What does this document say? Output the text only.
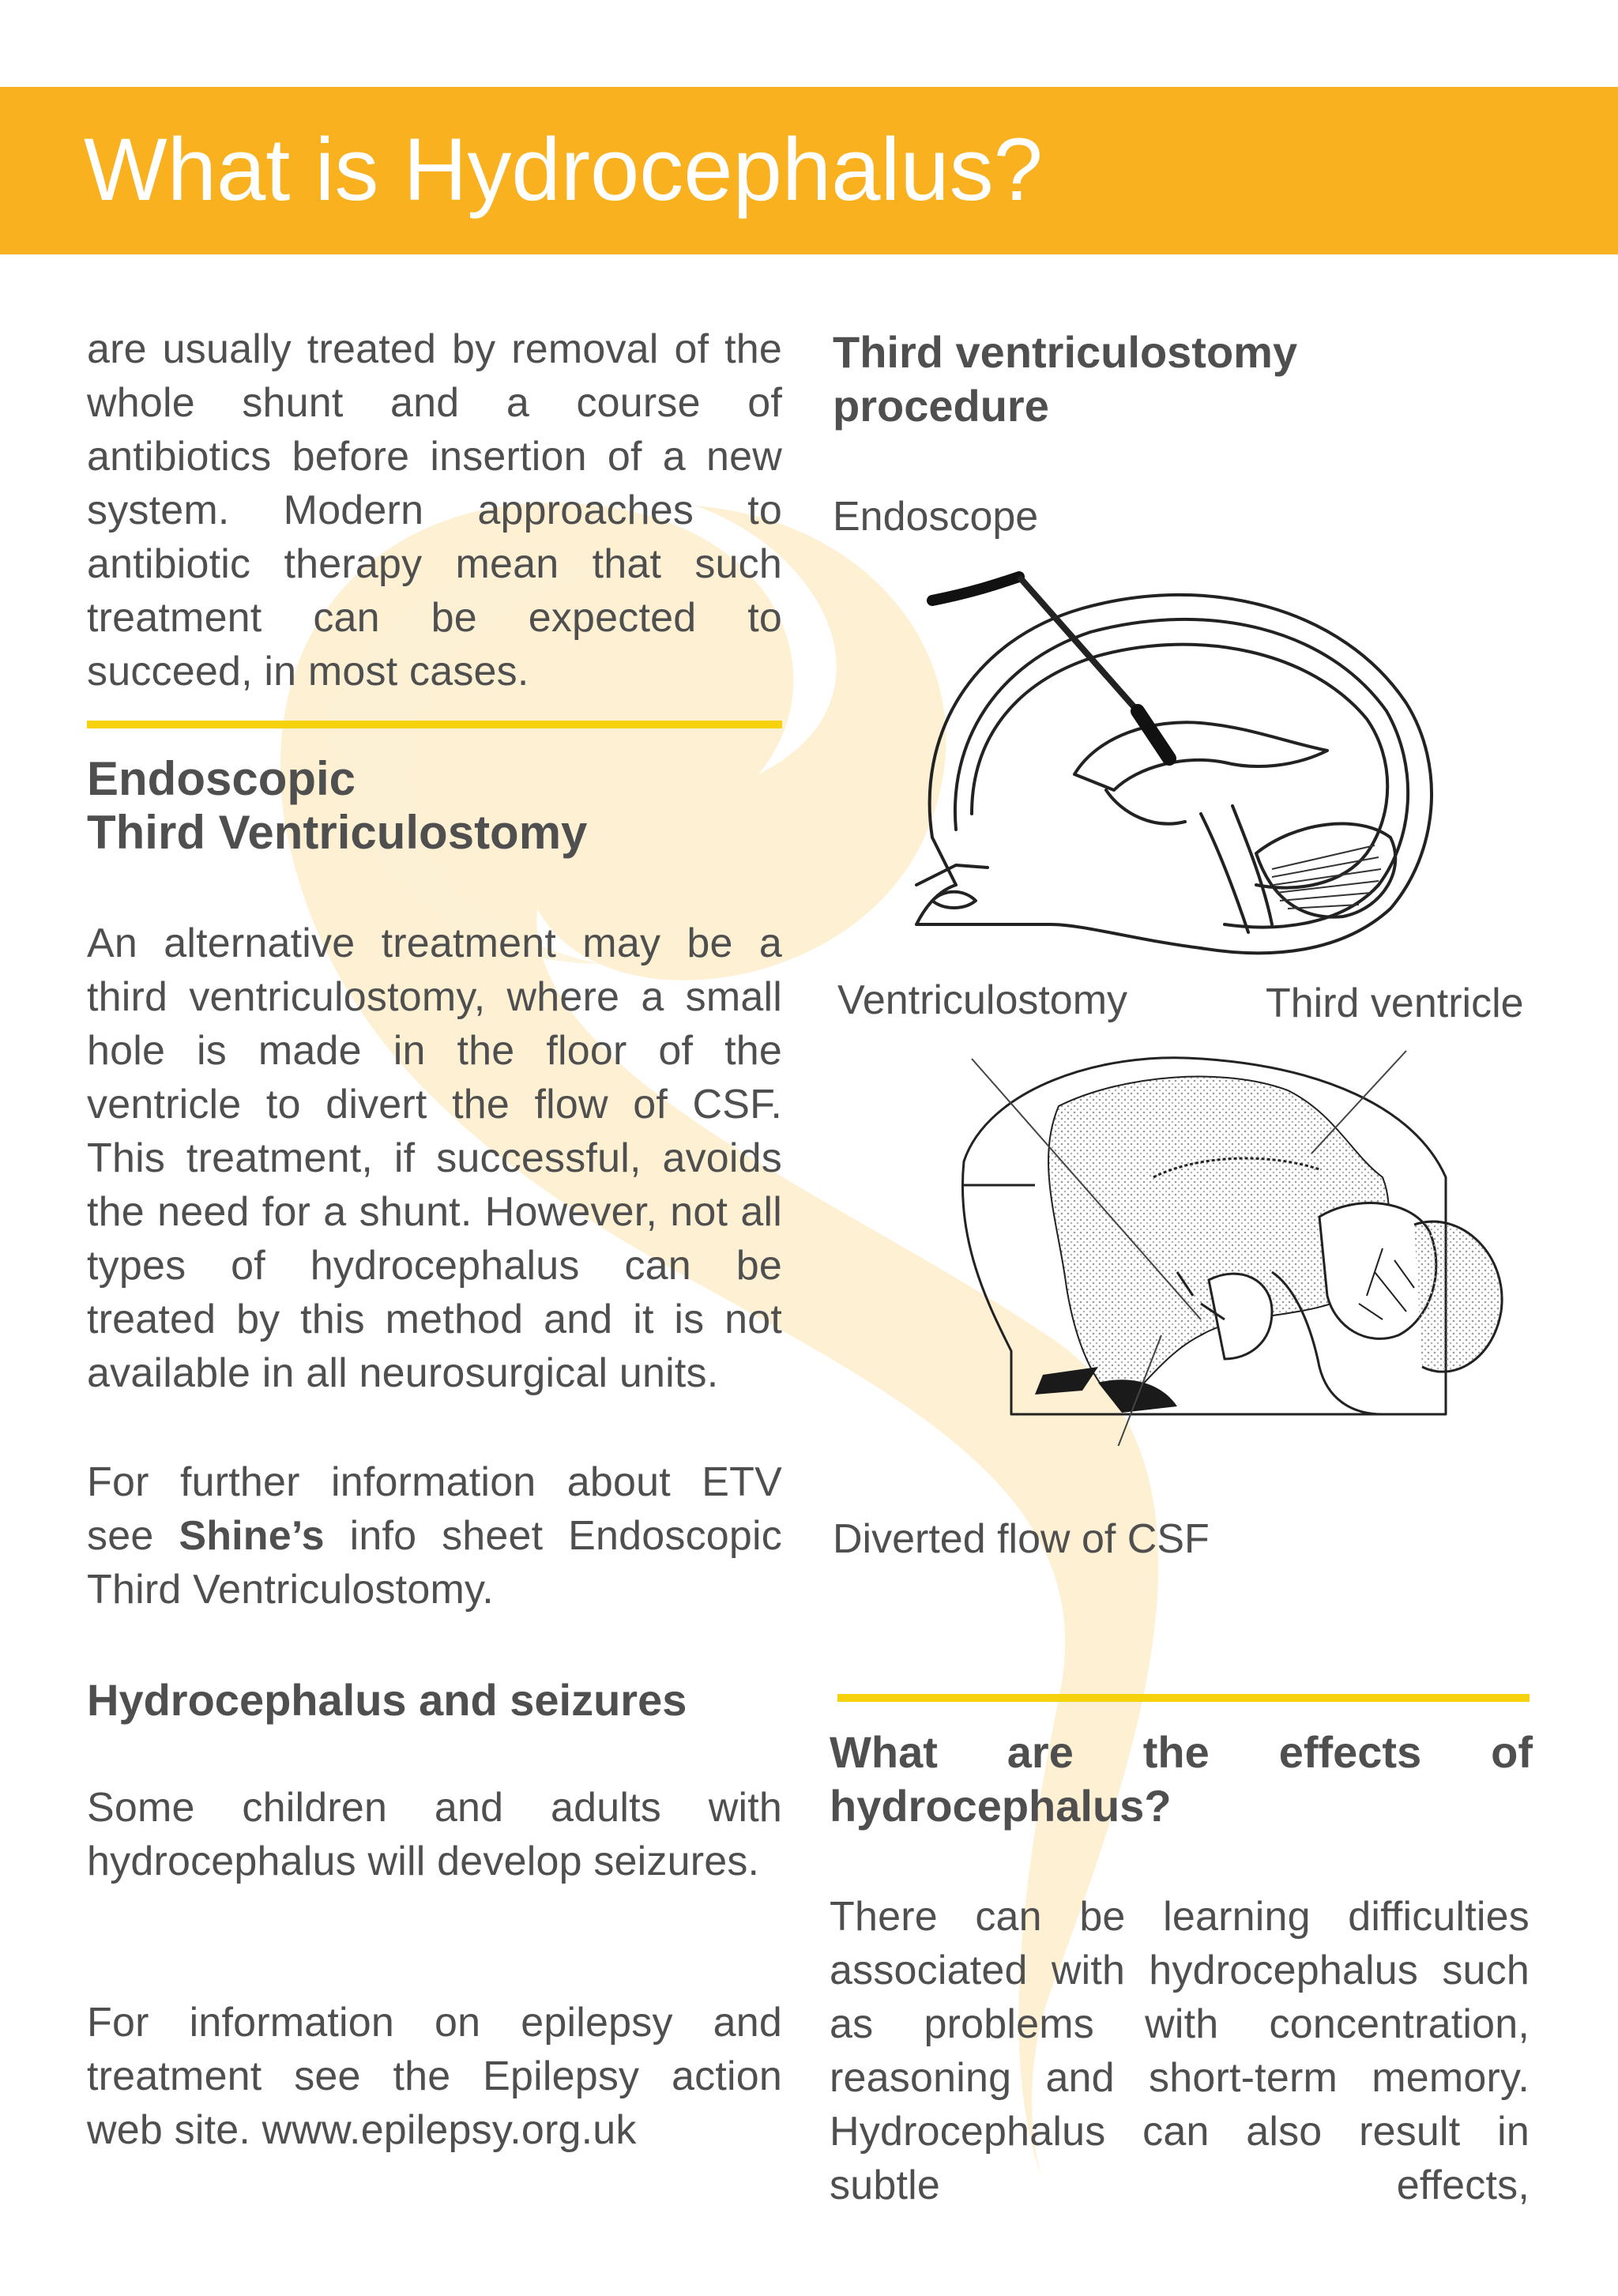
What is Hydrocephalus?

are usually treated by removal of the whole shunt and a course of antibiotics before insertion of a new system. Modern approaches to antibiotic therapy mean that such treatment can be expected to succeed, in most cases.

Endoscopic
Third Ventriculostomy

An alternative treatment may be a third ventriculostomy, where a small hole is made in the floor of the ventricle to divert the flow of CSF. This treatment, if successful, avoids the need for a shunt. However, not all types of hydrocephalus can be treated by this method and it is not available in all neurosurgical units.

For further information about ETV see Shine’s info sheet Endoscopic Third Ventriculostomy.

Hydrocephalus and seizures

Some children and adults with hydrocephalus will develop seizures.

For information on epilepsy and treatment see the Epilepsy action web site. www.epilepsy.org.uk

Third ventriculostomy
procedure
Endoscope
Ventriculostomy	Third ventricle
Diverted flow of CSF
What are the effects of
hydrocephalus?

There can be learning difficulties associated with hydrocephalus such as problems with concentration, reasoning and short-term memory. Hydrocephalus can also result in subtle effects,
